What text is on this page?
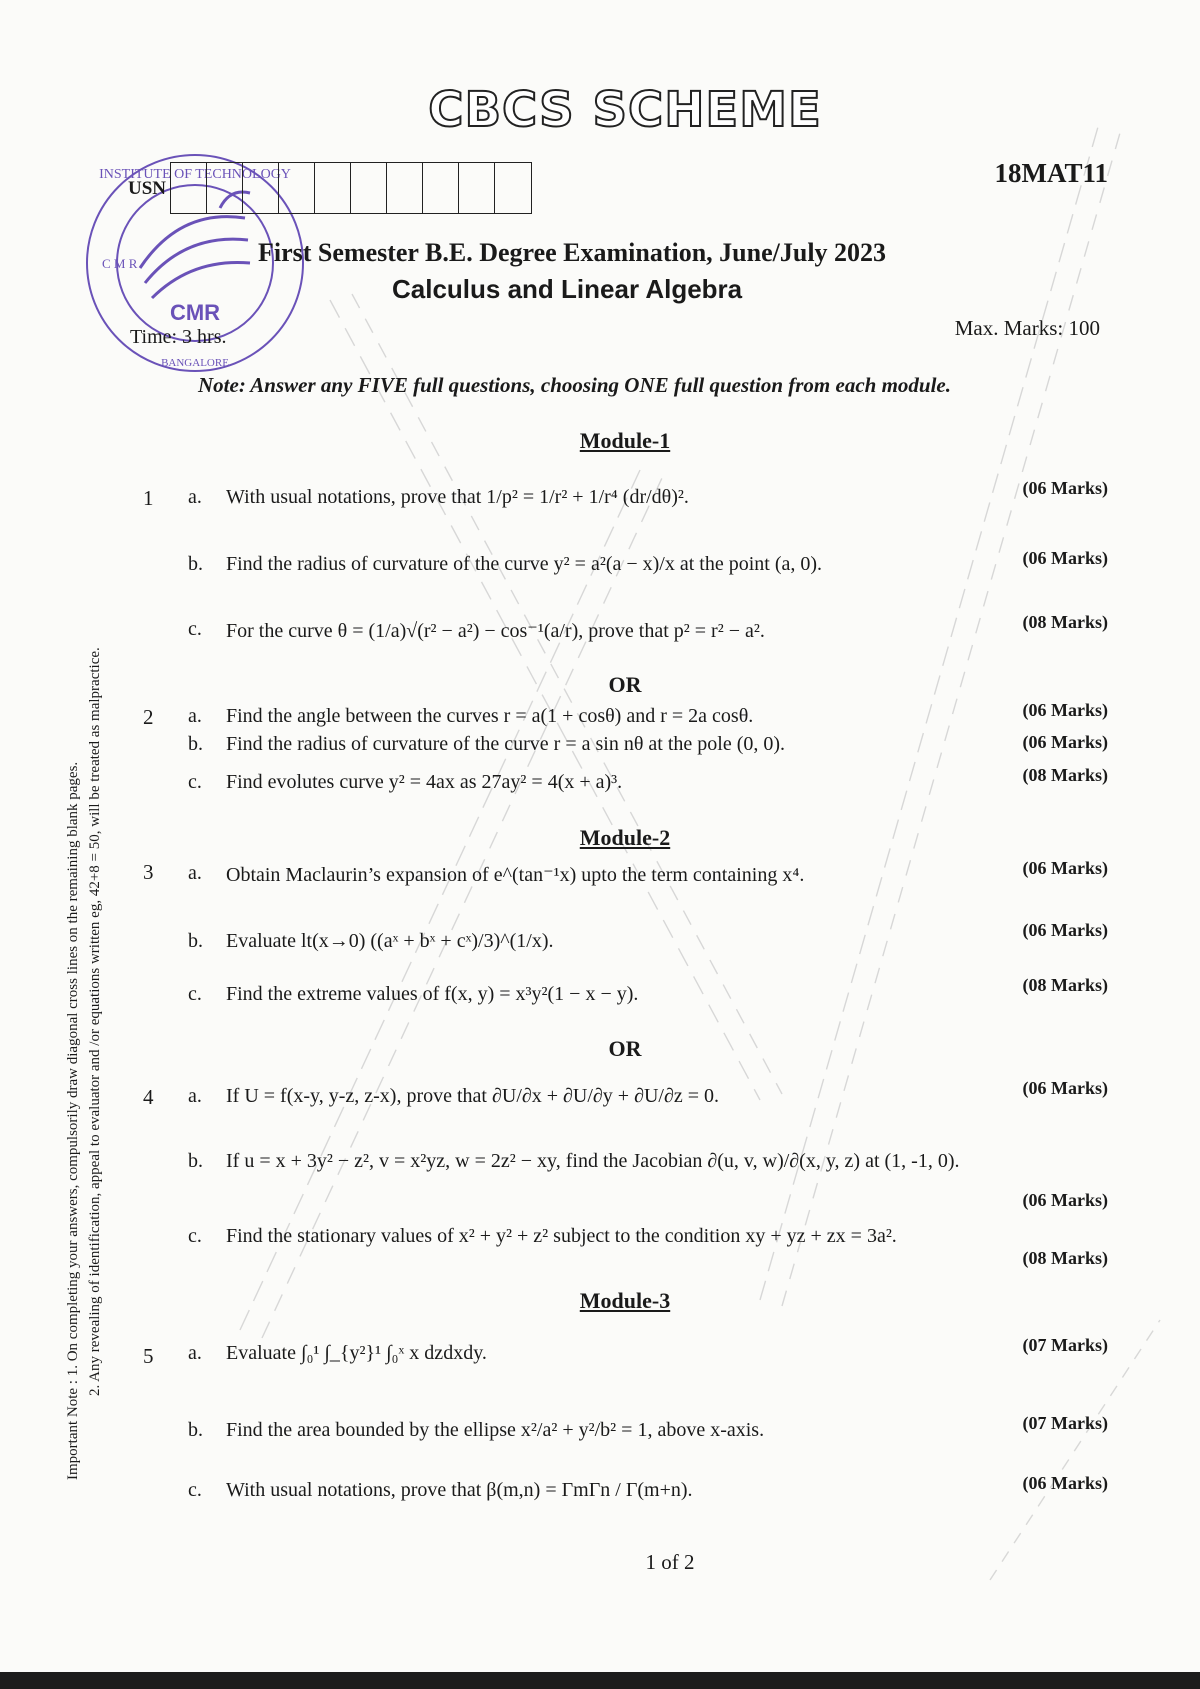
CMR
INSTITUTE OF TECHNOLOGY
BANGALORE
C M R
CBCS SCHEME
18MAT11
USN
First Semester B.E. Degree Examination, June/July 2023
Calculus and Linear Algebra
Time: 3 hrs.	Max. Marks: 100
Note: Answer any FIVE full questions, choosing ONE full question from each module.
Module-1
1 a. With usual notations, prove that 1/p² = 1/r² + 1/r⁴ (dr/dθ)².	(06 Marks)
b. Find the radius of curvature of the curve y² = a²(a − x)/x at the point (a, 0).	(06 Marks)
c. For the curve θ = (1/a)√(r² − a²) − cos⁻¹(a/r), prove that p² = r² − a².	(08 Marks)
OR
2 a. Find the angle between the curves r = a(1 + cosθ) and r = 2a cosθ.	(06 Marks)
b. Find the radius of curvature of the curve r = a sin nθ at the pole (0, 0).	(06 Marks)
c. Find evolutes curve y² = 4ax as 27ay² = 4(x + a)³.	(08 Marks)
Module-2
3 a. Obtain Maclaurin’s expansion of e^(tan⁻¹x) upto the term containing x⁴.	(06 Marks)
b. Evaluate lt(x→0) ((aˣ + bˣ + cˣ)/3)^(1/x).	(06 Marks)
c. Find the extreme values of f(x, y) = x³y²(1 − x − y).	(08 Marks)
OR
4 a. If U = f(x-y, y-z, z-x), prove that ∂U/∂x + ∂U/∂y + ∂U/∂z = 0.	(06 Marks)
b. If u = x + 3y² − z², v = x²yz, w = 2z² − xy, find the Jacobian ∂(u, v, w)/∂(x, y, z) at (1, -1, 0).
(06 Marks)
c. Find the stationary values of x² + y² + z² subject to the condition xy + yz + zx = 3a².
(08 Marks)
Module-3
5 a. Evaluate ∫₀¹ ∫_{y²}¹ ∫₀ˣ x dzdxdy.	(07 Marks)
b. Find the area bounded by the ellipse x²/a² + y²/b² = 1, above x-axis.	(07 Marks)
c. With usual notations, prove that β(m,n) = ΓmΓn / Γ(m+n).	(06 Marks)
Important Note : 1. On completing your answers, compulsorily draw diagonal cross lines on the remaining blank pages. 2. Any revealing of identification, appeal to evaluator and /or equations written eg, 42+8 = 50, will be treated as malpractice.
1 of 2
